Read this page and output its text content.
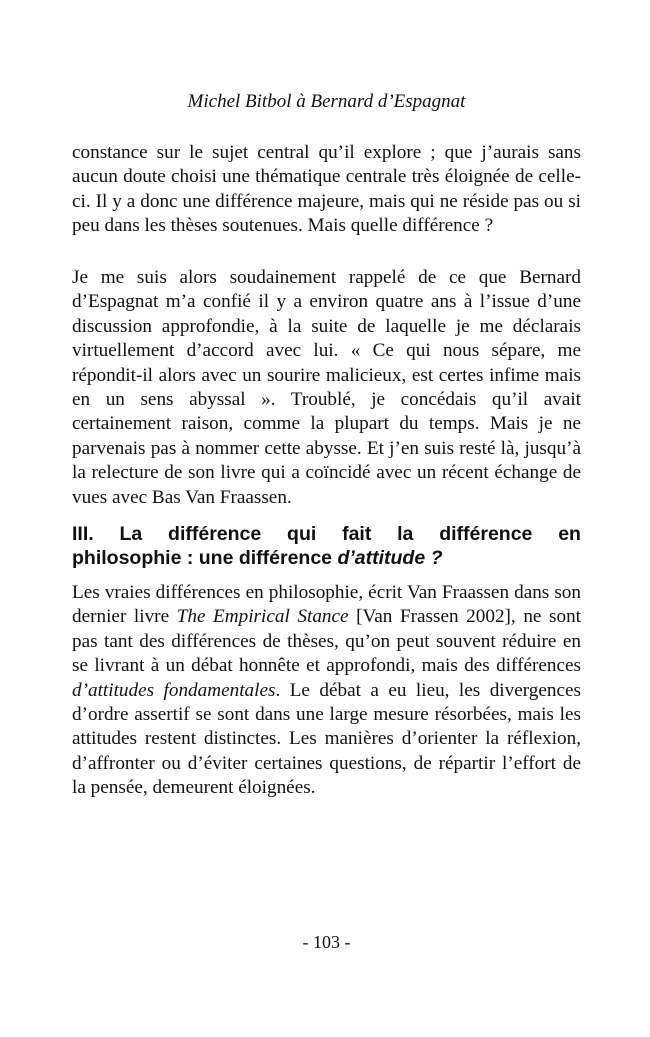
Michel Bitbol à Bernard d’Espagnat

constance sur le sujet central qu’il explore ; que j’aurais sans aucun doute choisi une thématique centrale très éloignée de celle-ci. Il y a donc une différence majeure, mais qui ne réside pas ou si peu dans les thèses soutenues. Mais quelle différence ?

Je me suis alors soudainement rappelé de ce que Bernard d’Espagnat m’a confié il y a environ quatre ans à l’issue d’une discussion approfondie, à la suite de laquelle je me déclarais virtuellement d’accord avec lui. « Ce qui nous sépare, me répondit-il alors avec un sourire malicieux, est certes infime mais en un sens abyssal ». Troublé, je concédais qu’il avait certainement raison, comme la plupart du temps. Mais je ne parvenais pas à nommer cette abysse. Et j’en suis resté là, jusqu’à la relecture de son livre qui a coïncidé avec un récent échange de vues avec Bas Van Fraassen.

III. La différence qui fait la différence en
philosophie : une différence d’attitude ?

Les vraies différences en philosophie, écrit Van Fraassen dans son dernier livre The Empirical Stance [Van Frassen 2002], ne sont pas tant des différences de thèses, qu’on peut souvent réduire en se livrant à un débat honnête et approfondi, mais des différences d’attitudes fondamentales. Le débat a eu lieu, les divergences d’ordre assertif se sont dans une large mesure résorbées, mais les attitudes restent distinctes. Les manières d’orienter la réflexion, d’affronter ou d’éviter certaines questions, de répartir l’effort de la pensée, demeurent éloignées.

- 103 -
